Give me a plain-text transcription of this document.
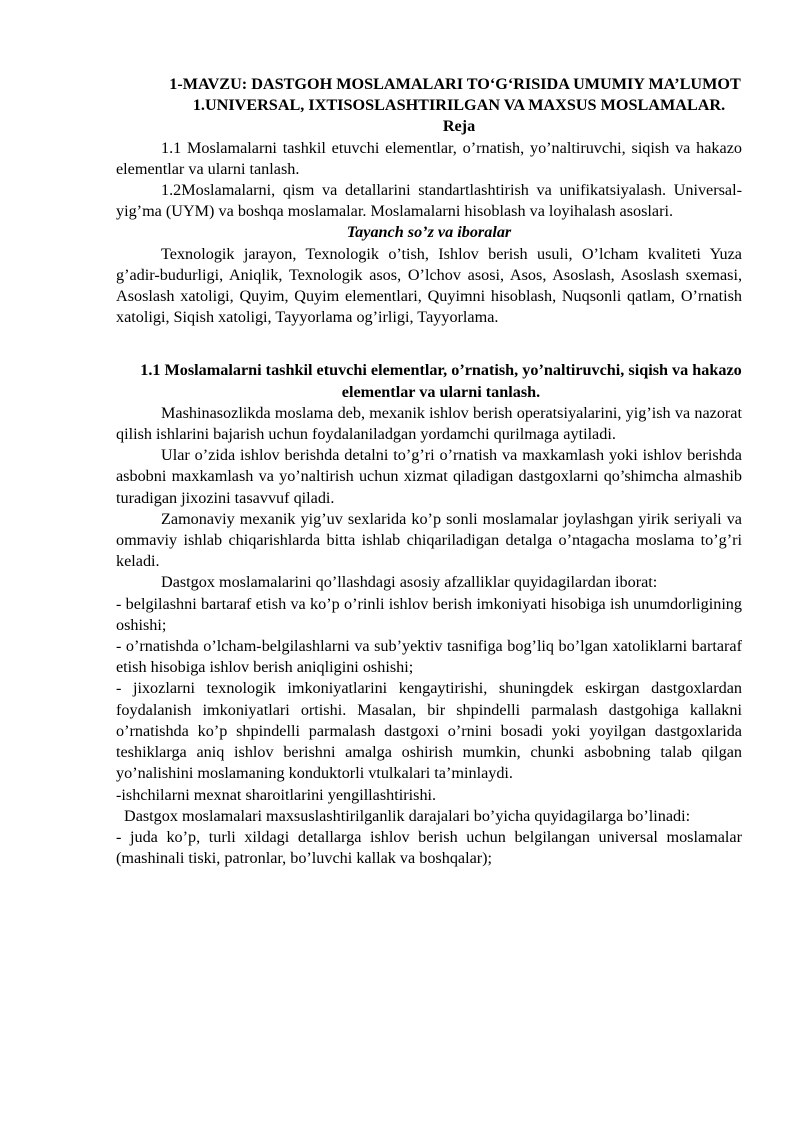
1-MAVZU: DASTGOH MOSLAMALARI TO‘G‘RISIDA UMUMIY MA’LUMOT

1.UNIVERSAL, IXTISOSLASHTIRILGAN VA MAXSUS MOSLAMALAR.

Reja

1.1 Moslamalarni tashkil etuvchi elementlar, o’rnatish, yo’naltiruvchi, siqish va hakazo elementlar va ularni tanlash.

1.2Moslamalarni, qism va detallarini standartlashtirish va unifikatsiyalash. Universal- yig’ma (UYM) va boshqa moslamalar. Moslamalarni hisoblash va loyihalash asoslari.

Tayanch so’z va iboralar

Texnologik jarayon, Texnologik o’tish, Ishlov berish usuli, O’lcham kvaliteti Yuza g’adir-budurligi, Aniqlik, Texnologik asos, O’lchov asosi, Asos, Asoslash, Asoslash sxemasi, Asoslash xatoligi, Quyim, Quyim elementlari, Quyimni hisoblash, Nuqsonli qatlam, O’rnatish xatoligi, Siqish xatoligi, Tayyorlama og’irligi, Tayyorlama.

1.1 Moslamalarni tashkil etuvchi elementlar, o’rnatish, yo’naltiruvchi, siqish va hakazo elementlar va ularni tanlash.

Mashinasozlikda moslama deb, mexanik ishlov berish operatsiyalarini, yig’ish va nazorat qilish ishlarini bajarish uchun foydalaniladgan yordamchi qurilmaga aytiladi.

Ular o’zida ishlov berishda detalni to’g’ri o’rnatish va maxkamlash yoki ishlov berishda asbobni maxkamlash va yo’naltirish uchun xizmat qiladigan dastgoxlarni qo’shimcha almashib turadigan jixozini tasavvuf qiladi.

Zamonaviy mexanik yig’uv sexlarida ko’p sonli moslamalar joylashgan yirik seriyali va ommaviy ishlab chiqarishlarda bitta ishlab chiqariladigan detalga o’ntagacha moslama to’g’ri keladi.

Dastgox moslamalarini qo’llashdagi asosiy afzalliklar quyidagilardan iborat:

- belgilashni bartaraf etish va ko’p o’rinli ishlov berish imkoniyati hisobiga ish unumdorligining oshishi;

- o’rnatishda o’lcham-belgilashlarni va sub’yektiv tasnifiga bog’liq bo’lgan xatoliklarni bartaraf etish hisobiga ishlov berish aniqligini oshishi;

- jixozlarni texnologik imkoniyatlarini kengaytirishi, shuningdek eskirgan dastgoxlardan foydalanish imkoniyatlari ortishi. Masalan, bir shpindelli parmalash dastgohiga kallakni o’rnatishda ko’p shpindelli parmalash dastgoxi o’rnini bosadi yoki yoyilgan dastgoxlarida teshiklarga aniq ishlov berishni amalga oshirish mumkin, chunki asbobning talab qilgan yo’nalishini moslamaning konduktorli vtulkalari ta’minlaydi.

-ishchilarni mexnat sharoitlarini yengillashtirishi.

Dastgox moslamalari maxsuslashtirilganlik darajalari bo’yicha quyidagilarga bo’linadi:

- juda ko’p, turli xildagi detallarga ishlov berish uchun belgilangan universal moslamalar (mashinali tiski, patronlar, bo’luvchi kallak va boshqalar);
